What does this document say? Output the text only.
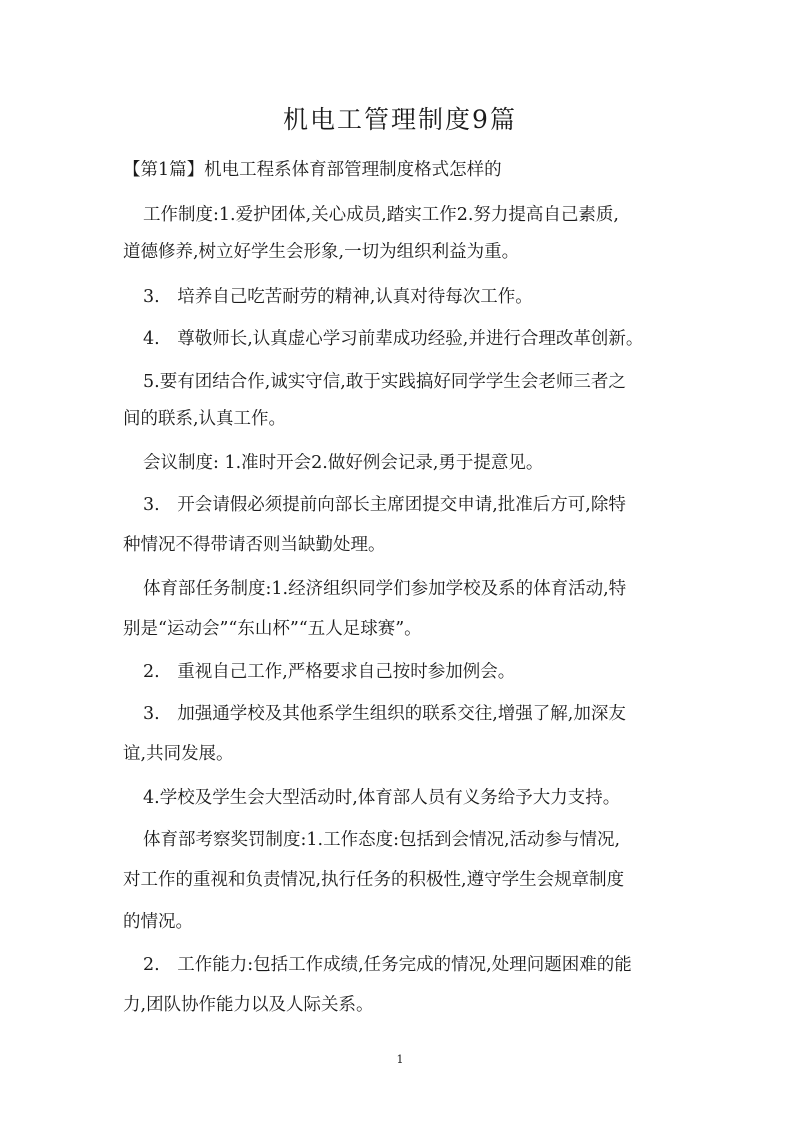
机电工管理制度9篇
【第1篇】机电工程系体育部管理制度格式怎样的
工作制度:1.爱护团体,关心成员,踏实工作2.努力提高自己素质,
道德修养,树立好学生会形象,一切为组织利益为重。
3.　培养自己吃苦耐劳的精神,认真对待每次工作。
4.　尊敬师长,认真虚心学习前辈成功经验,并进行合理改革创新。
5.要有团结合作,诚实守信,敢于实践搞好同学学生会老师三者之
间的联系,认真工作。
会议制度: 1.准时开会2.做好例会记录,勇于提意见。
3.　开会请假必须提前向部长主席团提交申请,批准后方可,除特
种情况不得带请否则当缺勤处理。
体育部任务制度:1.经济组织同学们参加学校及系的体育活动,特
别是“运动会”“东山杯”“五人足球赛”。
2.　重视自己工作,严格要求自己按时参加例会。
3.　加强通学校及其他系学生组织的联系交往,增强了解,加深友
谊,共同发展。
4.学校及学生会大型活动时,体育部人员有义务给予大力支持。
体育部考察奖罚制度:1.工作态度:包括到会情况,活动参与情况,
对工作的重视和负责情况,执行任务的积极性,遵守学生会规章制度
的情况。
2.　工作能力:包括工作成绩,任务完成的情况,处理问题困难的能
力,团队协作能力以及人际关系。
1
